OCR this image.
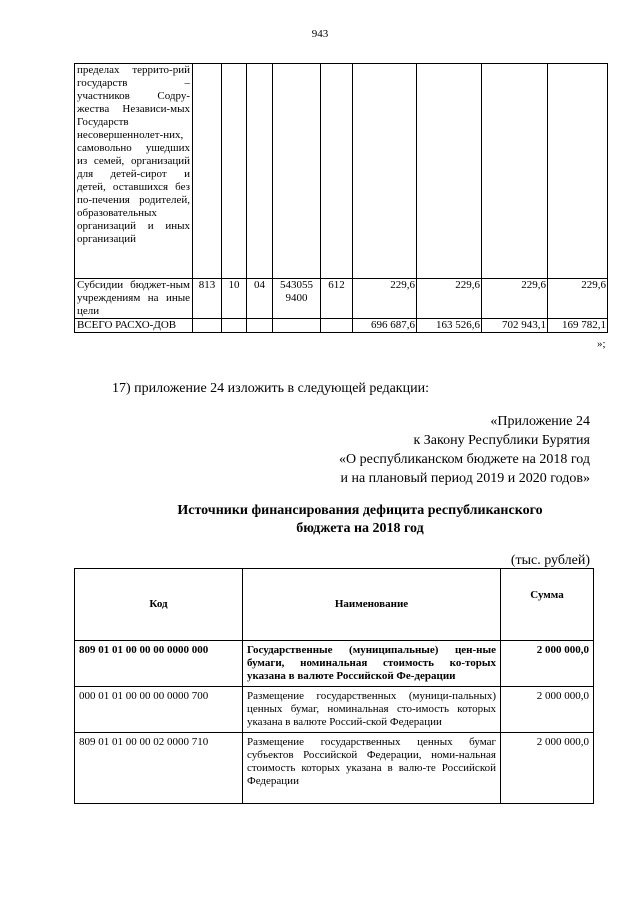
943
пределах террито-рий государств – участников Содру-жества Независи-мых Государств несовершеннолет-них, самовольно ушедших из семей, организаций для детей-сирот и детей, оставшихся без по-печения родителей, образовательных организаций и иных организаций									
Субсидии бюджет-ным учреждениям на иные цели	813	10	04	543055 9400	612	229,6	229,6	229,6	229,6
ВСЕГО РАСХО-ДОВ						696 687,6	163 526,6	702 943,1	169 782,1
»;
17) приложение 24 изложить в следующей редакции:
«Приложение 24
к Закону Республики Бурятия
«О республиканском бюджете на 2018 год
и на плановый период 2019 и 2020 годов»
Источники финансирования дефицита республиканского
бюджета на 2018 год
(тыс. рублей)
Код	Наименование	Сумма
809 01 01 00 00 00 0000 000	Государственные (муниципальные) цен-ные бумаги, номинальная стоимость ко-торых указана в валюте Российской Фе-дерации	2 000 000,0
000 01 01 00 00 00 0000 700	Размещение государственных (муници-пальных) ценных бумаг, номинальная сто-имость которых указана в валюте Россий-ской Федерации	2 000 000,0
809 01 01 00 00 02 0000 710	Размещение государственных ценных бумаг субъектов Российской Федерации, номи-нальная стоимость которых указана в валю-те Российской Федерации	2 000 000,0
